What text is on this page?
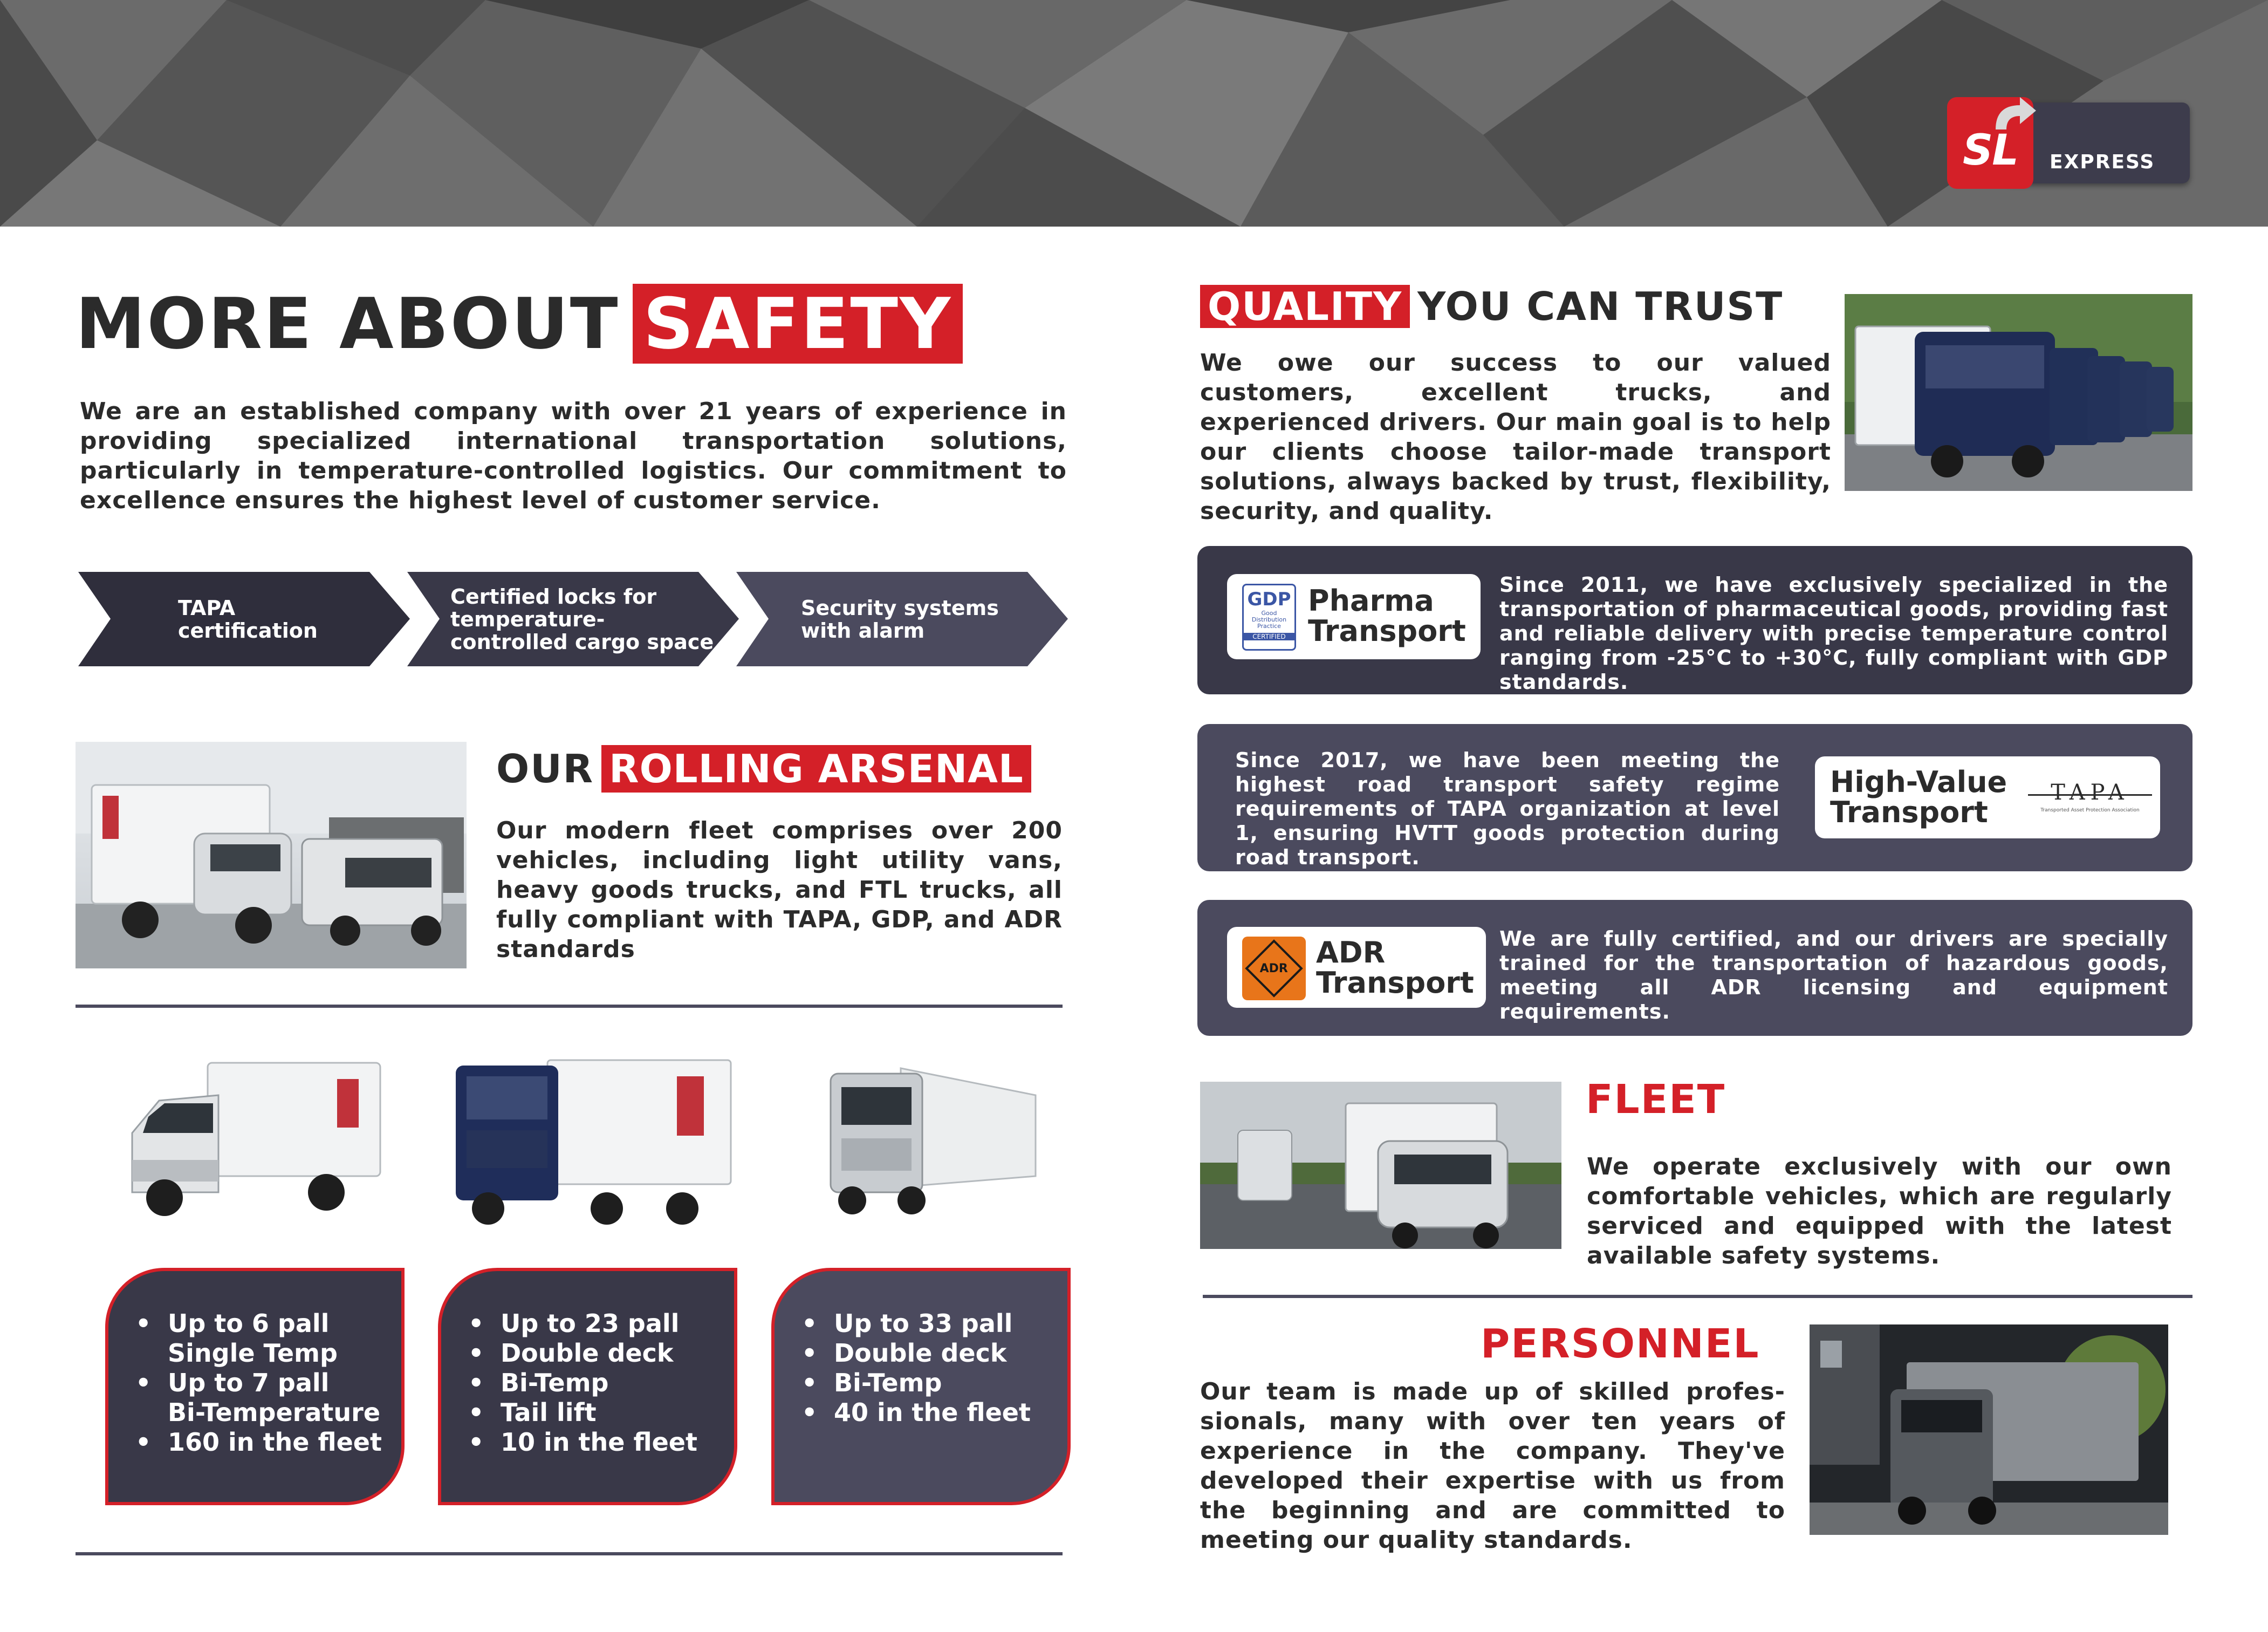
SL EXPRESS
MORE ABOUT SAFETY

We are an established company with over 21 years of experience in providing specialized international transportation solutions, particularly in temperature-controlled logistics. Our commitment to excellence ensures the highest level of customer service.

TAPA
certification
Certified locks for temperature- controlled cargo space
Security systems with alarm
OUR ROLLING ARSENAL

Our modern fleet comprises over 200 vehicles, including light utility vans, heavy goods trucks, and FTL trucks, all fully compliant with TAPA, GDP, and ADR standards

• Up to 6 pall
Single Temp
• Up to 7 pall
Bi-Temperature
• 160 in the fleet
• Up to 23 pall
• Double deck
• Bi-Temp
• Tail lift
• 10 in the fleet
• Up to 33 pall
• Double deck
• Bi-Temp
• 40 in the fleet
QUALITY YOU CAN TRUST

We owe our success to our valued customers, excellent trucks, and experienced drivers. Our main goal is to help our clients choose tailor-made transport solutions, always backed by trust, flexibility, security, and quality.

GDP
Good Distribution Practice
CERTIFIED
Pharma Transport

Since 2011, we have exclusively specialized in the transportation of pharmaceutical goods, providing fast and reliable delivery with precise temperature control ranging from -25°C to +30°C, fully compliant with GDP standards.

Since 2017, we have been meeting the highest road transport safety regime requirements of TAPA organization at level 1, ensuring HVTT goods protection during road transport.

High-Value Transport
TAPA
Transported Asset Protection Association
ADR ADR Transport

We are fully certified, and our drivers are specially trained for the transportation of hazardous goods, meeting all ADR licensing and equipment requirements.

FLEET

We operate exclusively with our own comfortable vehicles, which are regularly serviced and equipped with the latest available safety systems.

PERSONNEL

Our team is made up of skilled profes-sionals, many with over ten years of experience in the company. They've developed their expertise with us from the beginning and are committed to meeting our quality standards.
